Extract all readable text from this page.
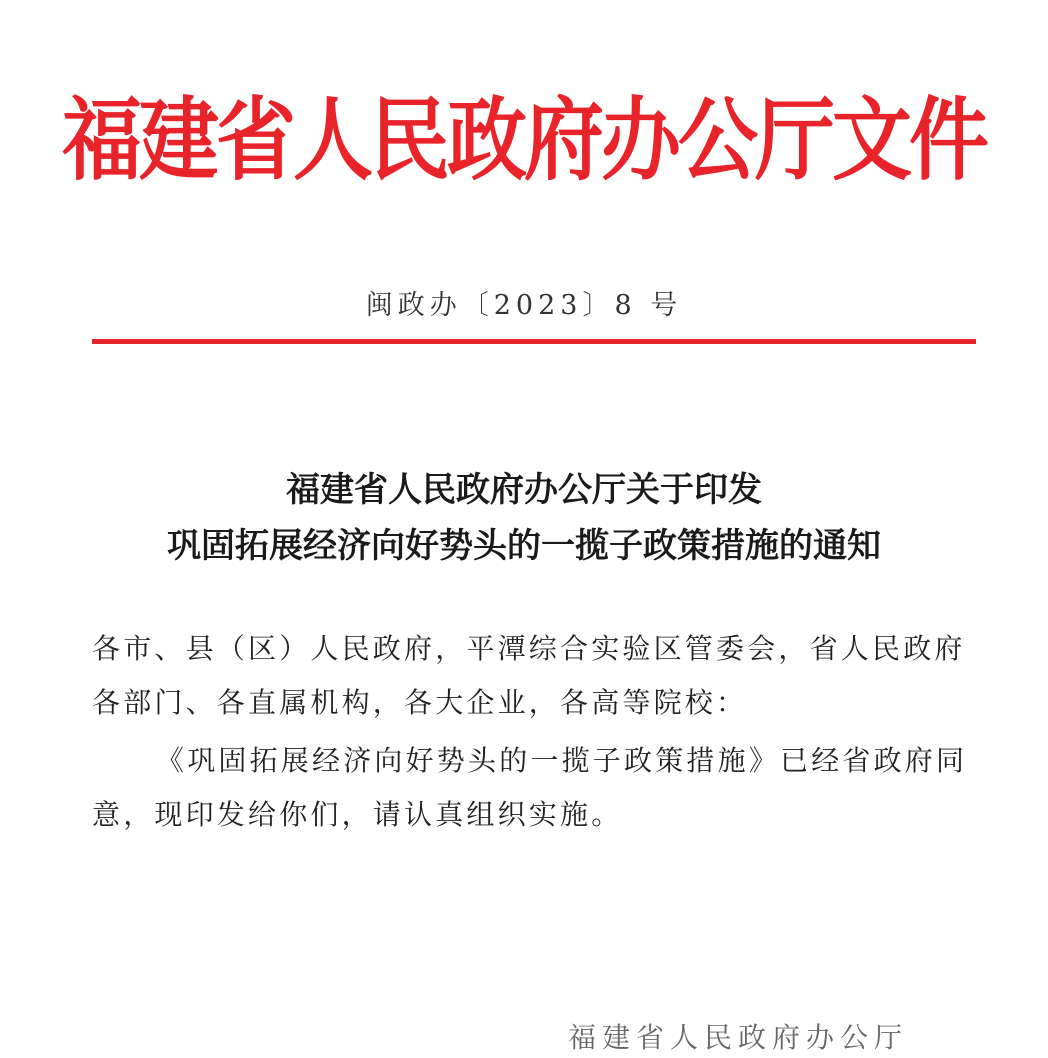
福建省人民政府办公厅文件
闽政办〔2023〕8 号
福建省人民政府办公厅关于印发
巩固拓展经济向好势头的一揽子政策措施的通知
各市、县（区）人民政府，平潭综合实验区管委会，省人民政府各部门、各直属机构，各大企业，各高等院校：
《巩固拓展经济向好势头的一揽子政策措施》已经省政府同意，现印发给你们，请认真组织实施。
福建省人民政府办公厅
